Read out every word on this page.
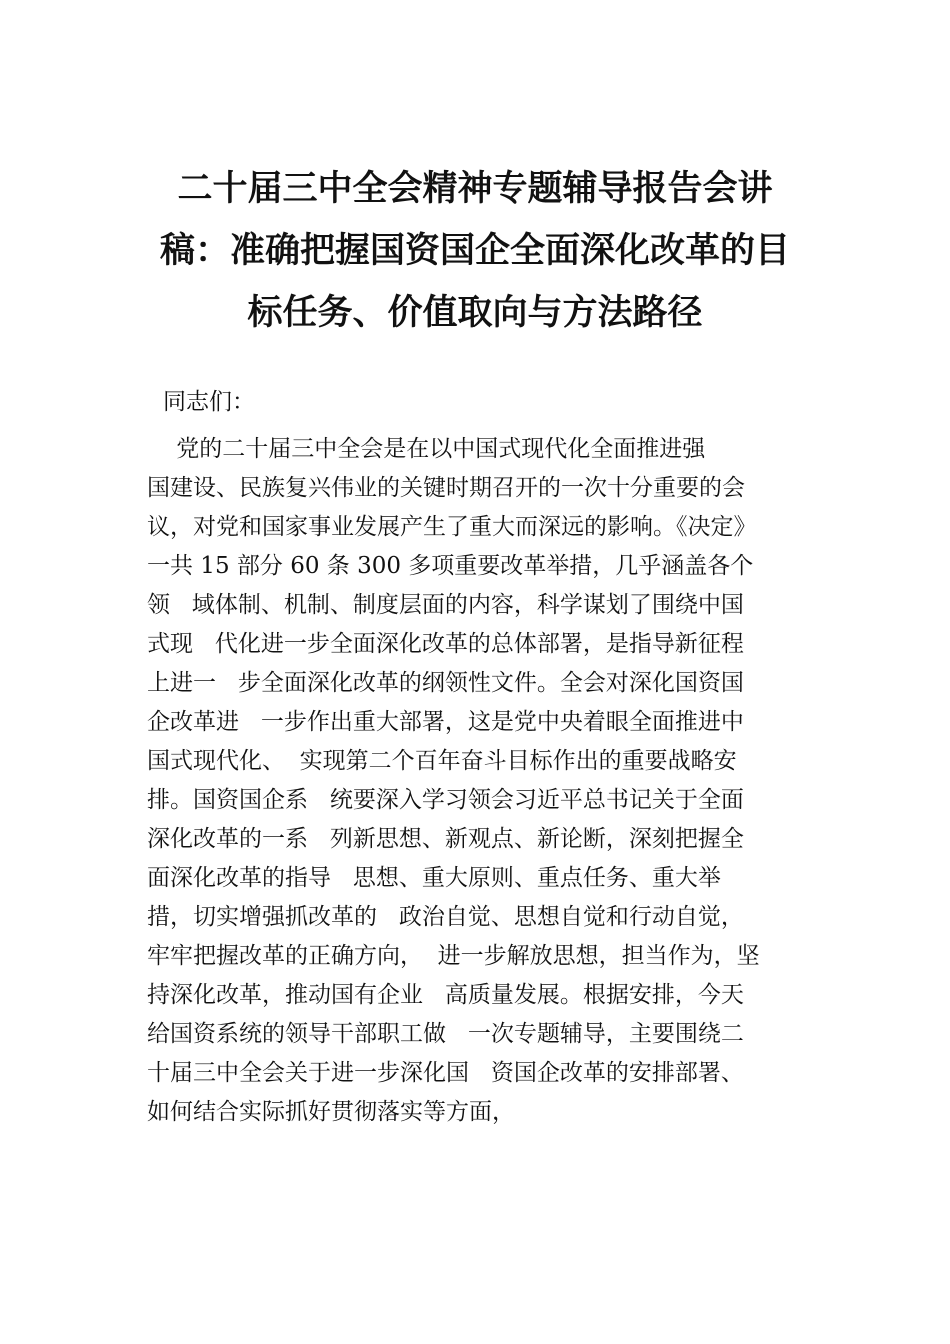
二十届三中全会精神专题辅导报告会讲
稿：准确把握国资国企全面深化改革的目
标任务、价值取向与方法路径
同志们：
党的二十届三中全会是在以中国式现代化全面推进强
国建设、民族复兴伟业的关键时期召开的一次十分重要的会
议，对党和国家事业发展产生了重大而深远的影响。《决定》
一共 15 部分 60 条 300 多项重要改革举措，几乎涵盖各个
领   域体制、机制、制度层面的内容，科学谋划了围绕中国
式现   代化进一步全面深化改革的总体部署，是指导新征程
上进一   步全面深化改革的纲领性文件。全会对深化国资国
企改革进   一步作出重大部署，这是党中央着眼全面推进中
国式现代化、  实现第二个百年奋斗目标作出的重要战略安
排。国资国企系   统要深入学习领会习近平总书记关于全面
深化改革的一系   列新思想、新观点、新论断，深刻把握全
面深化改革的指导   思想、重大原则、重点任务、重大举
措，切实增强抓改革的   政治自觉、思想自觉和行动自觉，
牢牢把握改革的正确方向，  进一步解放思想，担当作为，坚
持深化改革，推动国有企业   高质量发展。根据安排，今天
给国资系统的领导干部职工做   一次专题辅导，主要围绕二
十届三中全会关于进一步深化国   资国企改革的安排部署、
如何结合实际抓好贯彻落实等方面，
